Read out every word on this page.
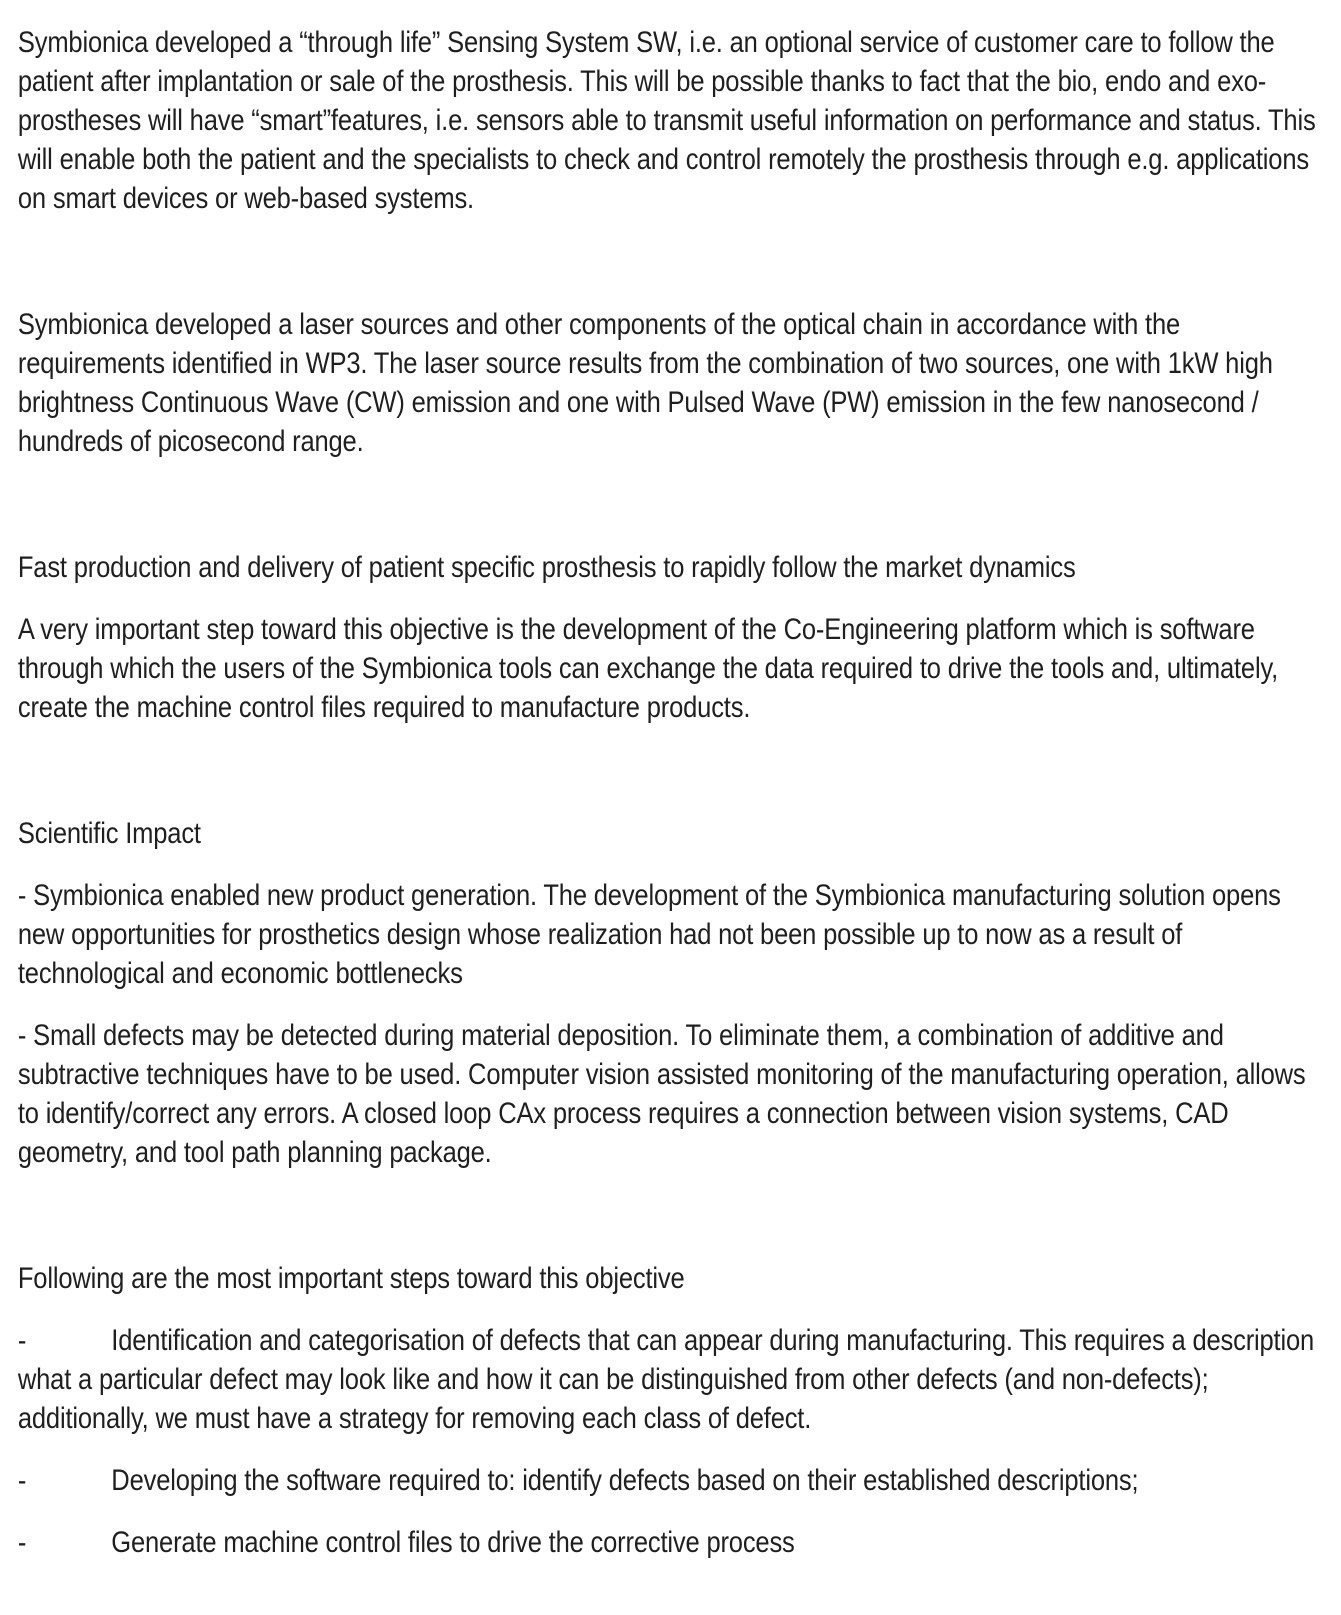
Symbionica developed a “through life” Sensing System SW, i.e. an optional service of customer care to follow the patient after implantation or sale of the prosthesis. This will be possible thanks to fact that the bio, endo and exo-prostheses will have “smart”features, i.e. sensors able to transmit useful information on performance and status. This will enable both the patient and the specialists to check and control remotely the prosthesis through e.g. applications on smart devices or web-based systems.

Symbionica developed a laser sources and other components of the optical chain in accordance with the requirements identified in WP3. The laser source results from the combination of two sources, one with 1kW high brightness Continuous Wave (CW) emission and one with Pulsed Wave (PW) emission in the few nanosecond / hundreds of picosecond range.

Fast production and delivery of patient specific prosthesis to rapidly follow the market dynamics

A very important step toward this objective is the development of the Co-Engineering platform which is software through which the users of the Symbionica tools can exchange the data required to drive the tools and, ultimately, create the machine control files required to manufacture products.

Scientific Impact

- Symbionica enabled new product generation. The development of the Symbionica manufacturing solution opens new opportunities for prosthetics design whose realization had not been possible up to now as a result of technological and economic bottlenecks

- Small defects may be detected during material deposition. To eliminate them, a combination of additive and subtractive techniques have to be used. Computer vision assisted monitoring of the manufacturing operation, allows to identify/correct any errors. A closed loop CAx process requires a connection between vision systems, CAD geometry, and tool path planning package.

Following are the most important steps toward this objective

-	Identification and categorisation of defects that can appear during manufacturing. This requires a description what a particular defect may look like and how it can be distinguished from other defects (and non-defects); additionally, we must have a strategy for removing each class of defect.

-	Developing the software required to: identify defects based on their established descriptions;

-	Generate machine control files to drive the corrective process
